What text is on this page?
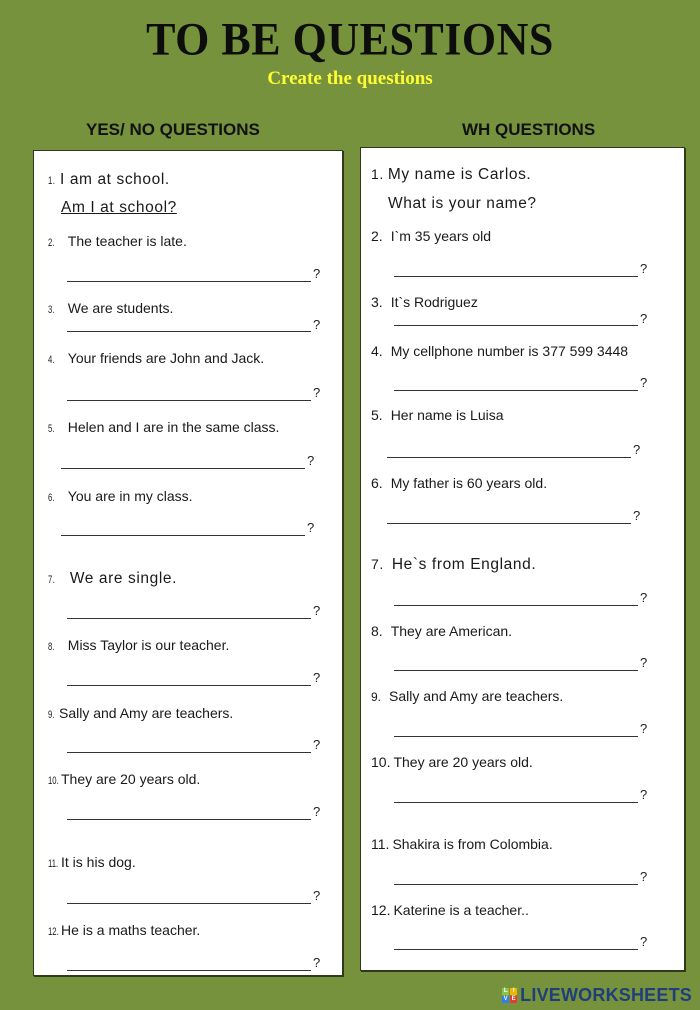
TO BE QUESTIONS
Create the questions
YES/ NO QUESTIONS	WH QUESTIONS
1. I am at school.
Am I at school?
2. The teacher is late.
?
3. We are students.
?
4. Your friends are John and Jack.
?
5. Helen and I are in the same class.
?
6. You are in my class.
?
7. We are single.
?
8. Miss Taylor is our teacher.
?
9. Sally and Amy are teachers.
?
10. They are 20 years old.
?
11. It is his dog.
?
12. He is a maths teacher.
?
1. My name is Carlos.
What is your name?
2. I`m 35 years old
?
3. It`s Rodriguez
?
4. My cellphone number is 377 599 3448
?
5. Her name is Luisa
?
6. My father is 60 years old.
?
7. He`s from England.
?
8. They are American.
?
9. Sally and Amy are teachers.
?
10. They are 20 years old.
?
11. Shakira is from Colombia.
?
12. Katerine is a teacher..
?
L I
V E LIVEWORKSHEETS
